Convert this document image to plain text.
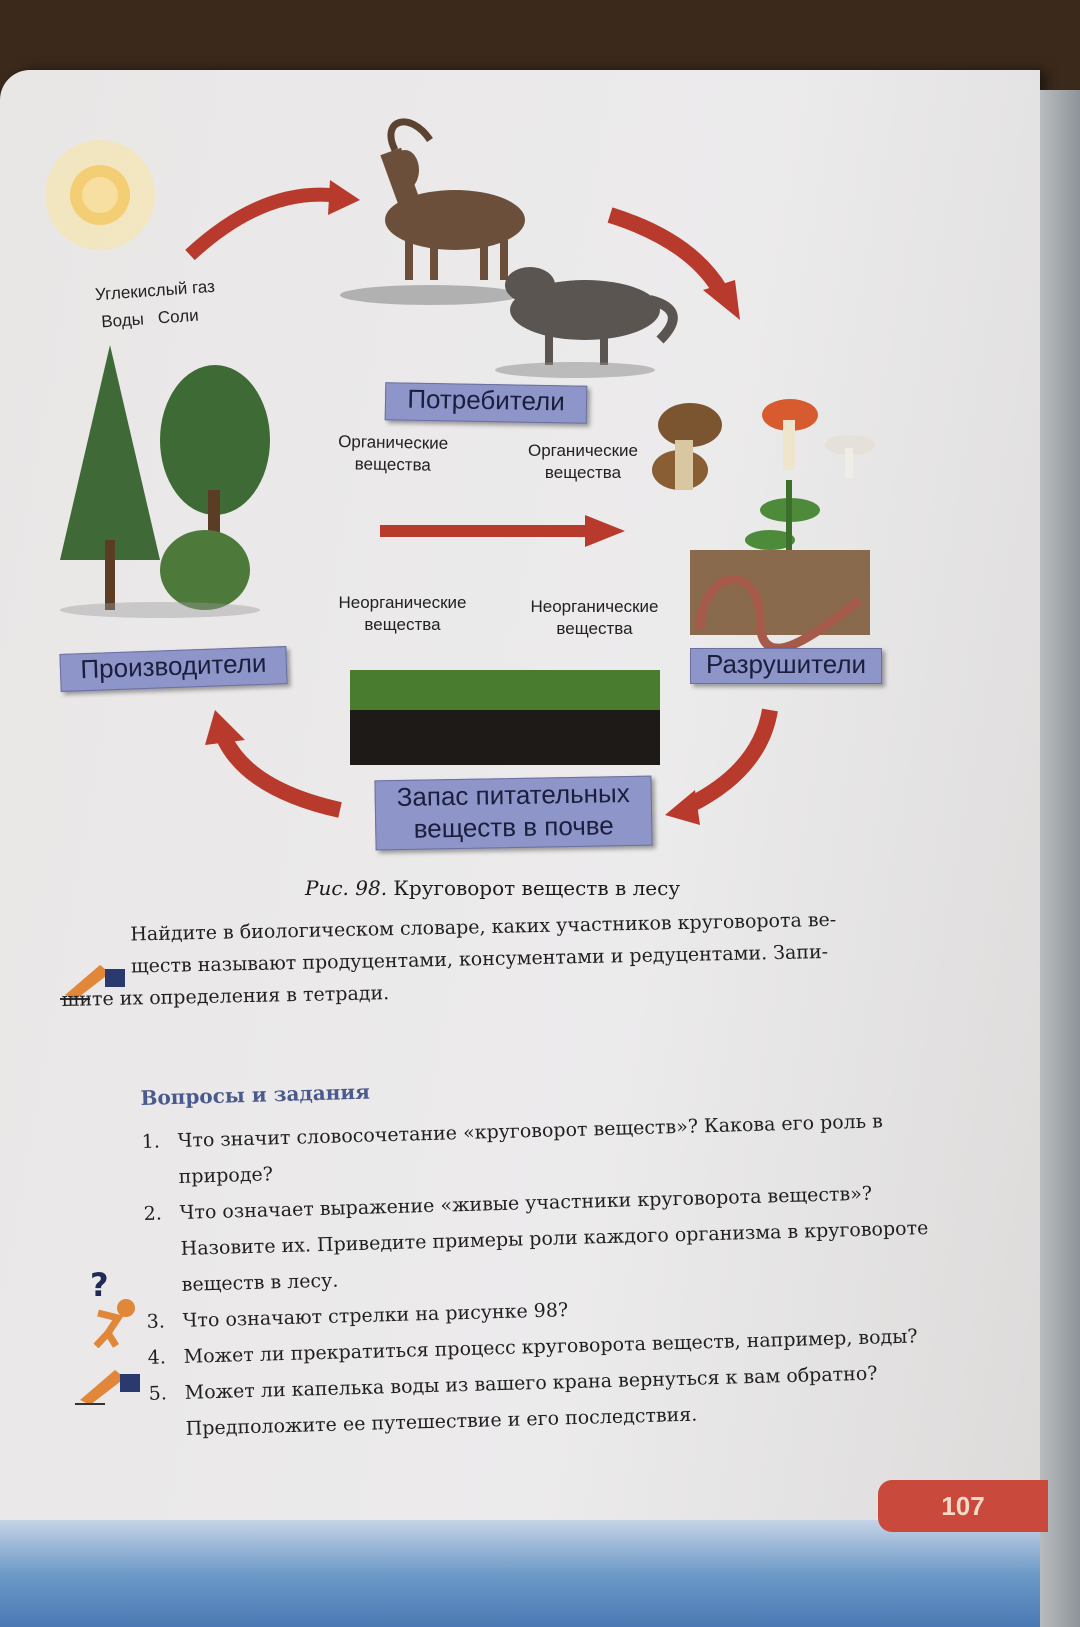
Углекислый газ
Воды   Соли
Потребители
Производители	Разрушители
Запас питательных
веществ в почве
Органические
вещества
Органические
вещества
Неорганические
вещества
Неорганические
вещества
Рис. 98. Круговорот веществ в лесу
Найдите в биологическом словаре, каких участников круговорота ве-
ществ называют продуцентами, консументами и редуцентами. Запи-
шите их определения в тетради.
Вопросы и задания
1. Что значит словосочетание «круговорот веществ»? Какова его роль в природе?
2. Что означает выражение «живые участники круговорота веществ»? Назовите их. Приведите примеры роли каждого организма в круговороте веществ в лесу.
3. Что означают стрелки на рисунке 98?
4. Может ли прекратиться процесс круговорота веществ, например, воды?
5. Может ли капелька воды из вашего крана вернуться к вам обратно? Предположите ее путешествие и его последствия.
?
107
